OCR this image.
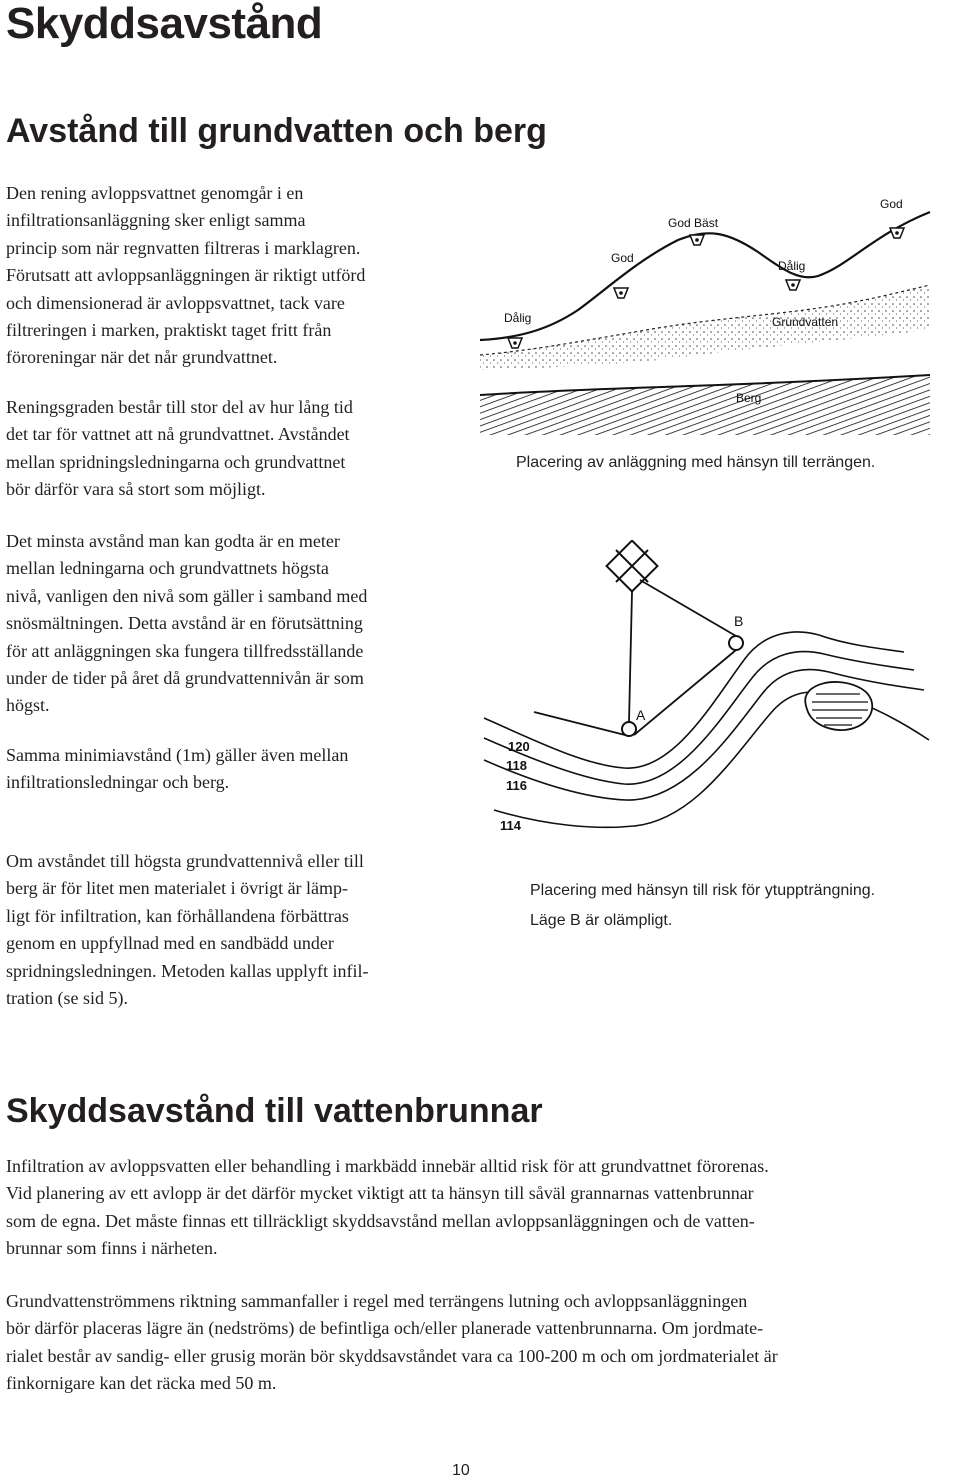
Skyddsavstånd
Avstånd till grundvatten och berg
Den rening avloppsvattnet genomgår i en
infiltrationsanläggning sker enligt samma
princip som när regnvatten filtreras i marklagren.
Förutsatt att avloppsanläggningen är riktigt utförd
och dimensionerad är avloppsvattnet, tack vare
filtreringen i marken, praktiskt taget fritt från
föroreningar när det når grundvattnet.
Reningsgraden består till stor del av hur lång tid
det tar för vattnet att nå grundvattnet. Avståndet
mellan spridningsledningarna och grundvattnet
bör därför vara så stort som möjligt.
Det minsta avstånd man kan godta är en meter
mellan ledningarna och grundvattnets högsta
nivå, vanligen den nivå som gäller i samband med
snösmältningen. Detta avstånd är en förutsättning
för att anläggningen ska fungera tillfredsställande
under de tider på året då grundvattennivån är som
högst.
Samma minimiavstånd (1m) gäller även mellan
infiltrationsledningar och berg.
Om avståndet till högsta grundvattennivå eller till
berg är för litet men materialet i övrigt är lämp-
ligt för infiltration, kan förhållandena förbättras
genom en uppfyllnad med en sandbädd under
spridningsledningen. Metoden kallas upplyft infil-
tration (se sid 5).
God
God Bäst
Dålig
God
Dålig	Grundvatten
Berg
Placering av anläggning med hänsyn till terrängen.
B
A
120
118
116
114
Placering med hänsyn till risk för ytuppträngning.
Läge B är olämpligt.
Skyddsavstånd till vattenbrunnar
Infiltration av avloppsvatten eller behandling i markbädd innebär alltid risk för att grundvattnet förorenas.
Vid planering av ett avlopp är det därför mycket viktigt att ta hänsyn till såväl grannarnas vattenbrunnar
som de egna. Det måste finnas ett tillräckligt skyddsavstånd mellan avloppsanläggningen och de vatten-
brunnar som finns i närheten.
Grundvattenströmmens riktning sammanfaller i regel med terrängens lutning och avloppsanläggningen
bör därför placeras lägre än (nedströms) de befintliga och/eller planerade vattenbrunnarna. Om jordmate-
rialet består av sandig- eller grusig morän bör skyddsavståndet vara ca 100-200 m och om jordmaterialet är
finkornigare kan det räcka med 50 m.
10
